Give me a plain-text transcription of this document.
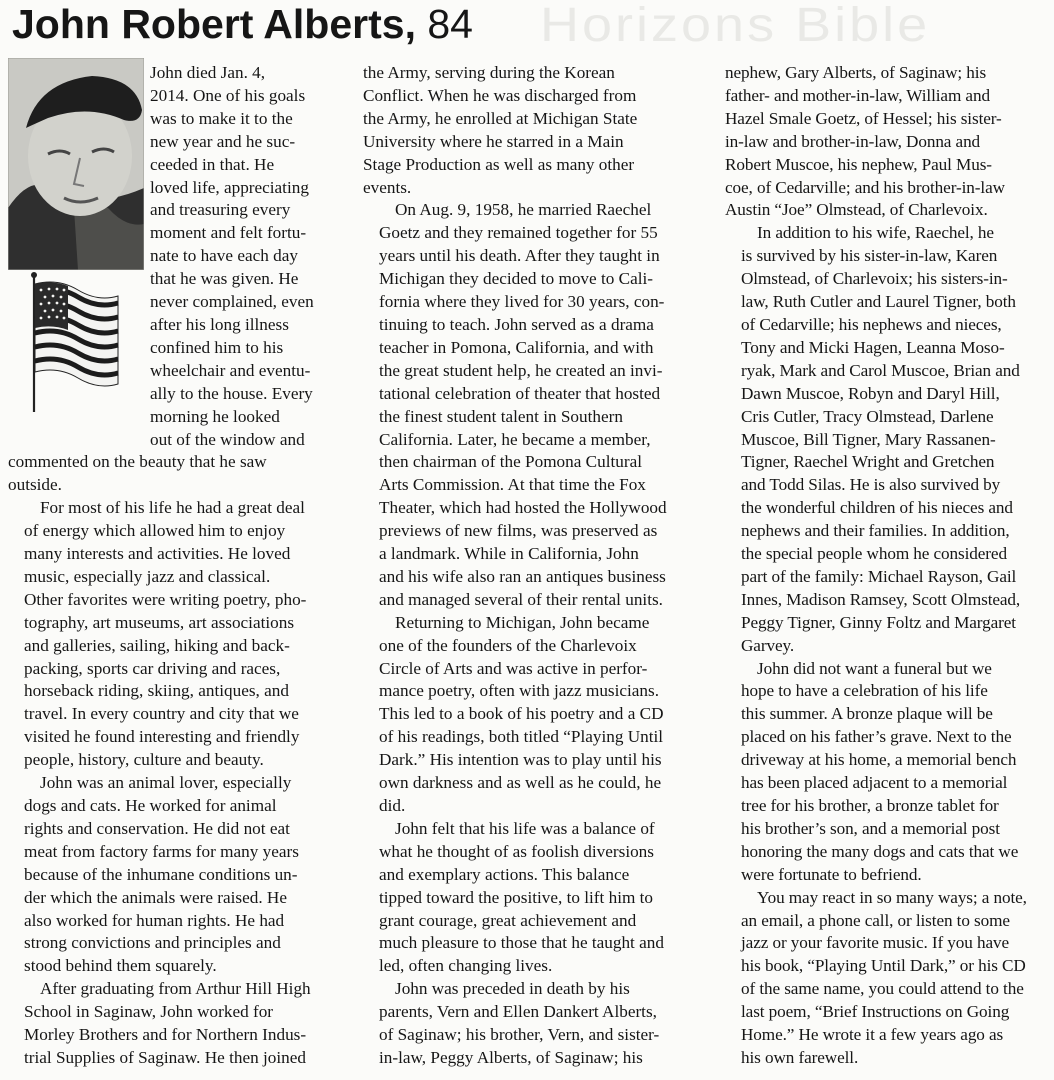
Horizons Bible
John Robert Alberts, 84

John died Jan. 4,
2014. One of his goals
was to make it to the
new year and he suc-
ceeded in that. He
loved life, appreciating
and treasuring every
moment and felt fortu-
nate to have each day
that he was given. He
never complained, even
after his long illness
confined him to his
wheelchair and eventu-
ally to the house. Every
morning he looked
out of the window and
commented on the beauty that he saw
outside.

For most of his life he had a great deal
of energy which allowed him to enjoy
many interests and activities. He loved
music, especially jazz and classical.
Other favorites were writing poetry, pho-
tography, art museums, art associations
and galleries, sailing, hiking and back-
packing, sports car driving and races,
horseback riding, skiing, antiques, and
travel. In every country and city that we
visited he found interesting and friendly
people, history, culture and beauty.

John was an animal lover, especially
dogs and cats. He worked for animal
rights and conservation. He did not eat
meat from factory farms for many years
because of the inhumane conditions un-
der which the animals were raised. He
also worked for human rights. He had
strong convictions and principles and
stood behind them squarely.

After graduating from Arthur Hill High
School in Saginaw, John worked for
Morley Brothers and for Northern Indus-
trial Supplies of Saginaw. He then joined

the Army, serving during the Korean
Conflict. When he was discharged from
the Army, he enrolled at Michigan State
University where he starred in a Main
Stage Production as well as many other
events.

On Aug. 9, 1958, he married Raechel
Goetz and they remained together for 55
years until his death. After they taught in
Michigan they decided to move to Cali-
fornia where they lived for 30 years, con-
tinuing to teach. John served as a drama
teacher in Pomona, California, and with
the great student help, he created an invi-
tational celebration of theater that hosted
the finest student talent in Southern
California. Later, he became a member,
then chairman of the Pomona Cultural
Arts Commission. At that time the Fox
Theater, which had hosted the Hollywood
previews of new films, was preserved as
a landmark. While in California, John
and his wife also ran an antiques business
and managed several of their rental units.

Returning to Michigan, John became
one of the founders of the Charlevoix
Circle of Arts and was active in perfor-
mance poetry, often with jazz musicians.
This led to a book of his poetry and a CD
of his readings, both titled “Playing Until
Dark.” His intention was to play until his
own darkness and as well as he could, he
did.

John felt that his life was a balance of
what he thought of as foolish diversions
and exemplary actions. This balance
tipped toward the positive, to lift him to
grant courage, great achievement and
much pleasure to those that he taught and
led, often changing lives.

John was preceded in death by his
parents, Vern and Ellen Dankert Alberts,
of Saginaw; his brother, Vern, and sister-
in-law, Peggy Alberts, of Saginaw; his

nephew, Gary Alberts, of Saginaw; his
father- and mother-in-law, William and
Hazel Smale Goetz, of Hessel; his sister-
in-law and brother-in-law, Donna and
Robert Muscoe, his nephew, Paul Mus-
coe, of Cedarville; and his brother-in-law
Austin “Joe” Olmstead, of Charlevoix.

In addition to his wife, Raechel, he
is survived by his sister-in-law, Karen
Olmstead, of Charlevoix; his sisters-in-
law, Ruth Cutler and Laurel Tigner, both
of Cedarville; his nephews and nieces,
Tony and Micki Hagen, Leanna Moso-
ryak, Mark and Carol Muscoe, Brian and
Dawn Muscoe, Robyn and Daryl Hill,
Cris Cutler, Tracy Olmstead, Darlene
Muscoe, Bill Tigner, Mary Rassanen-
Tigner, Raechel Wright and Gretchen
and Todd Silas. He is also survived by
the wonderful children of his nieces and
nephews and their families. In addition,
the special people whom he considered
part of the family: Michael Rayson, Gail
Innes, Madison Ramsey, Scott Olmstead,
Peggy Tigner, Ginny Foltz and Margaret
Garvey.

John did not want a funeral but we
hope to have a celebration of his life
this summer. A bronze plaque will be
placed on his father’s grave. Next to the
driveway at his home, a memorial bench
has been placed adjacent to a memorial
tree for his brother, a bronze tablet for
his brother’s son, and a memorial post
honoring the many dogs and cats that we
were fortunate to befriend.

You may react in so many ways; a note,
an email, a phone call, or listen to some
jazz or your favorite music. If you have
his book, “Playing Until Dark,” or his CD
of the same name, you could attend to the
last poem, “Brief Instructions on Going
Home.” He wrote it a few years ago as
his own farewell.
